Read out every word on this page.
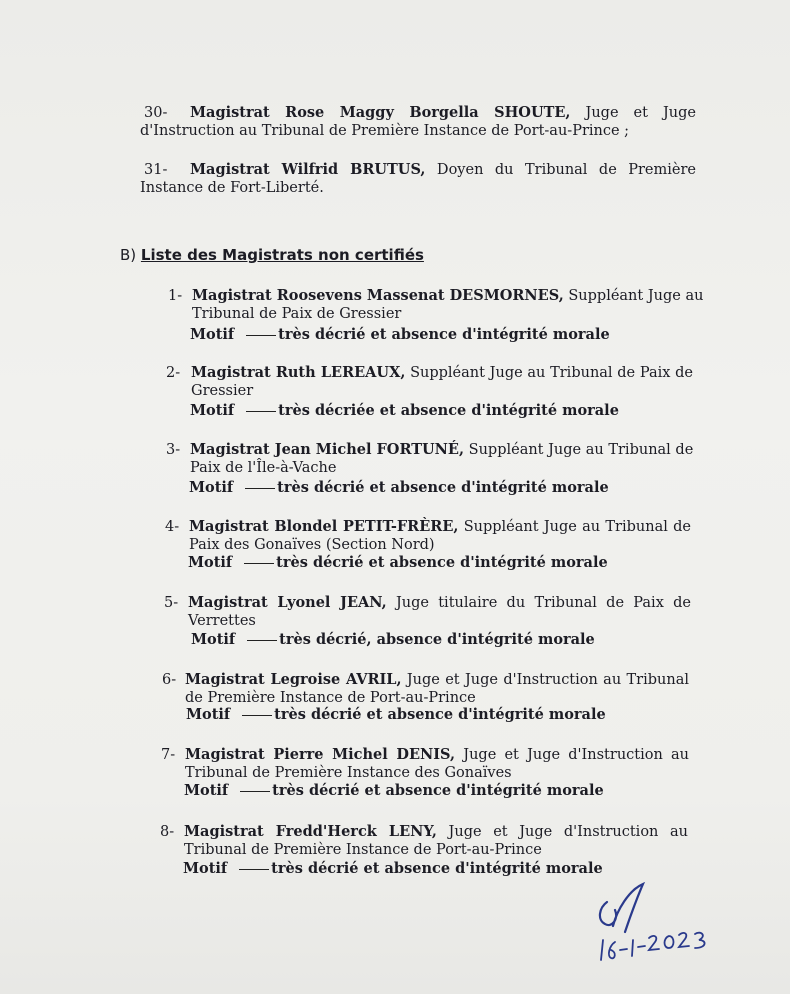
30- Magistrat Rose Maggy Borgella SHOUTE, Juge et Juge
d'Instruction au Tribunal de Première Instance de Port-au-Prince ;
31- Magistrat Wilfrid BRUTUS, Doyen du Tribunal de Première
Instance de Fort-Liberté.
B) Liste des Magistrats non certifiés
1- Magistrat Roosevens Massenat DESMORNES, Suppléant Juge au
Tribunal de Paix de Gressier
Motif	très décrié et absence d'intégrité morale
2- Magistrat Ruth LEREAUX, Suppléant Juge au Tribunal de Paix de
Gressier
Motif	très décriée et absence d'intégrité morale
3- Magistrat Jean Michel FORTUNÉ, Suppléant Juge au Tribunal de
Paix de l'Île-à-Vache
Motif	très décrié et absence d'intégrité morale
4- Magistrat Blondel PETIT-FRÈRE, Suppléant Juge au Tribunal de
Paix des Gonaïves (Section Nord)
Motif	très décrié et absence d'intégrité morale
5- Magistrat Lyonel JEAN, Juge titulaire du Tribunal de Paix de
Verrettes
Motif	très décrié, absence d'intégrité morale
6- Magistrat Legroise AVRIL, Juge et Juge d'Instruction au Tribunal
de Première Instance de Port-au-Prince
Motif	très décrié et absence d'intégrité morale
7- Magistrat Pierre Michel DENIS, Juge et Juge d'Instruction au
Tribunal de Première Instance des Gonaïves
Motif	très décrié et absence d'intégrité morale
8- Magistrat Fredd'Herck LENY, Juge et Juge d'Instruction au
Tribunal de Première Instance de Port-au-Prince
Motif	très décrié et absence d'intégrité morale
